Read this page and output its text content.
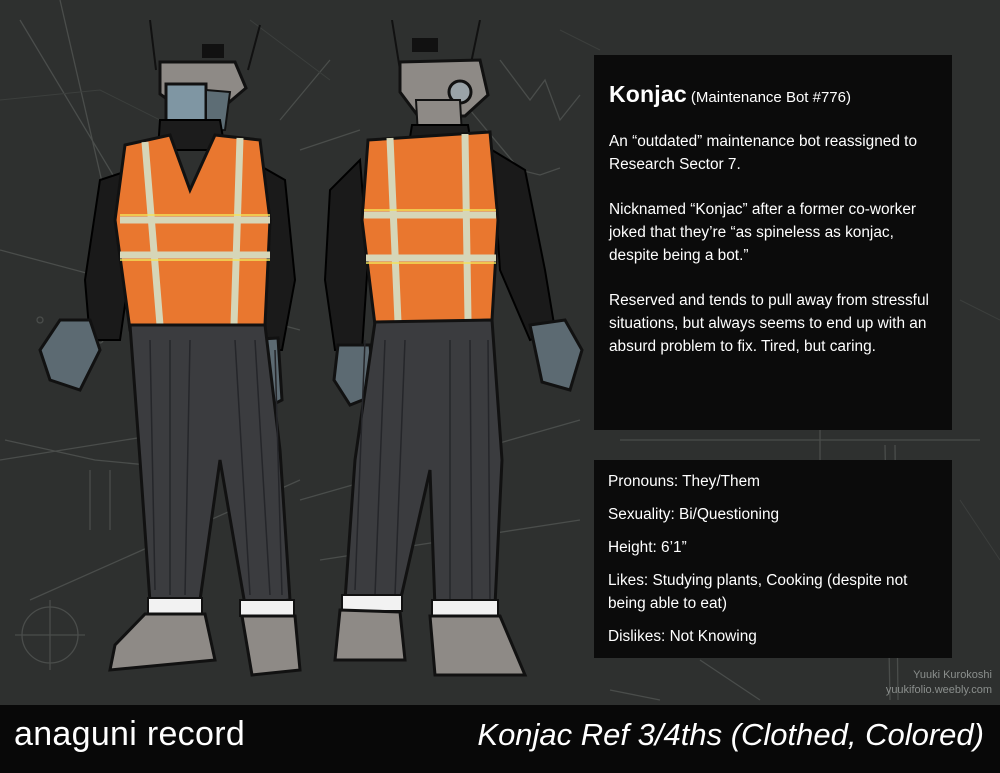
Konjac (Maintenance Bot #776)

An “outdated” maintenance bot reassigned to Research Sector 7.

Nicknamed “Konjac” after a former co-worker joked that they’re “as spineless as konjac, despite being a bot.”

Reserved and tends to pull away from stressful situations, but always seems to end up with an absurd problem to fix. Tired, but caring.

Pronouns: They/Them

Sexuality: Bi/Questioning

Height: 6’1”

Likes: Studying plants, Cooking (despite not being able to eat)

Dislikes: Not Knowing

Yuuki Kurokoshi
yuukifolio.weebly.com
anaguni record	Konjac Ref 3/4ths (Clothed, Colored)
